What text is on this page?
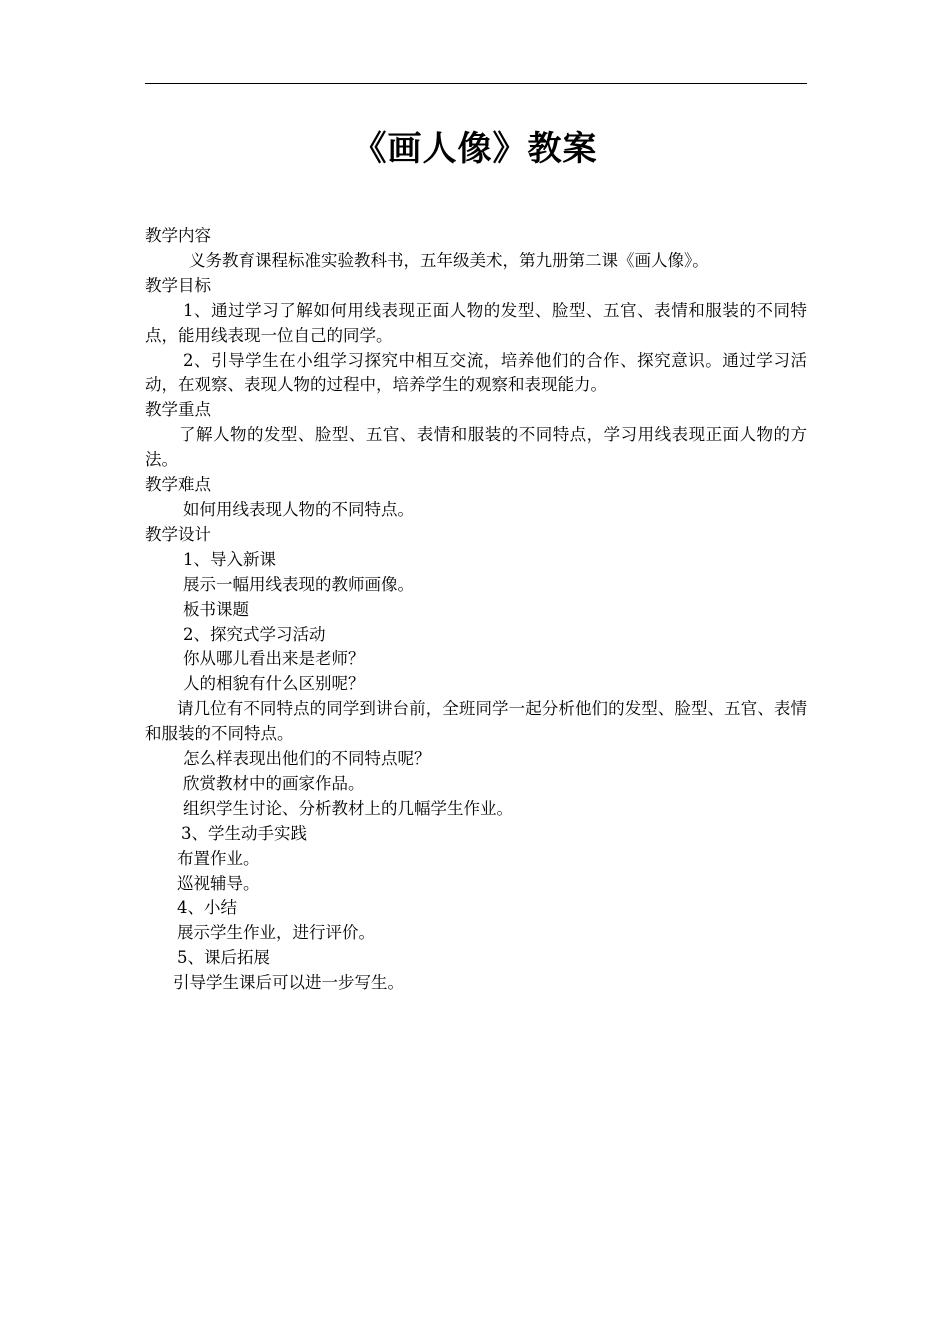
《画人像》教案

教学内容

义务教育课程标准实验教科书，五年级美术，第九册第二课《画人像》。

教学目标

1、通过学习了解如何用线表现正面人物的发型、脸型、五官、表情和服装的不同特点，能用线表现一位自己的同学。

2、引导学生在小组学习探究中相互交流，培养他们的合作、探究意识。通过学习活动，在观察、表现人物的过程中，培养学生的观察和表现能力。

教学重点

了解人物的发型、脸型、五官、表情和服装的不同特点，学习用线表现正面人物的方法。

教学难点

如何用线表现人物的不同特点。

教学设计

1、导入新课

展示一幅用线表现的教师画像。

板书课题

2、探究式学习活动

你从哪儿看出来是老师？

人的相貌有什么区别呢？

请几位有不同特点的同学到讲台前，全班同学一起分析他们的发型、脸型、五官、表情和服装的不同特点。

怎么样表现出他们的不同特点呢？

欣赏教材中的画家作品。

组织学生讨论、分析教材上的几幅学生作业。

3、学生动手实践

布置作业。

巡视辅导。

4、小结

展示学生作业，进行评价。

5、课后拓展

引导学生课后可以进一步写生。
